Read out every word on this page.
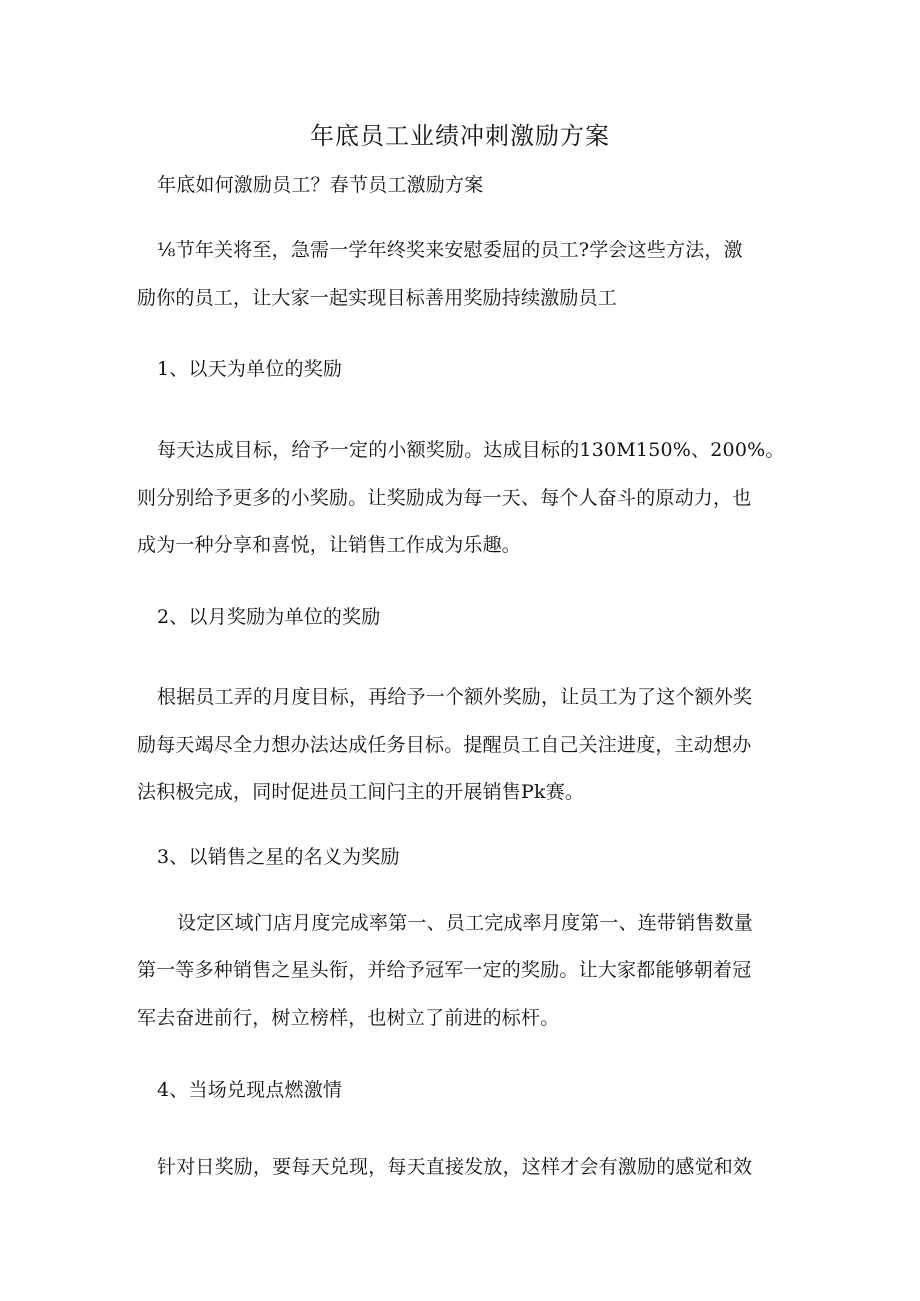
年底员工业绩冲刺激励方案
年底如何激励员工？春节员工激励方案
⅛节年关将至，急需一学年终奖来安慰委屈的员工?学会这些方法，激
励你的员工，让大家一起实现目标善用奖励持续激励员工
1、以天为单位的奖励
每天达成目标，给予一定的小额奖励。达成目标的130M150%、200%。
则分别给予更多的小奖励。让奖励成为每一天、每个人奋斗的原动力，也
成为一种分享和喜悦，让销售工作成为乐趣。
2、以月奖励为单位的奖励
根据员工弄的月度目标，再给予一个额外奖励，让员工为了这个额外奖
励每天竭尽全力想办法达成任务目标。提醒员工自己关注进度，主动想办
法积极完成，同时促进员工间闩主的开展销售Pk赛。
3、以销售之星的名义为奖励
设定区域门店月度完成率第一、员工完成率月度第一、连带销售数量
第一等多种销售之星头衔，并给予冠军一定的奖励。让大家都能够朝着冠
军去奋进前行，树立榜样，也树立了前进的标杆。
4、当场兑现点燃激情
针对日奖励，要每天兑现，每天直接发放，这样才会有激励的感觉和效
